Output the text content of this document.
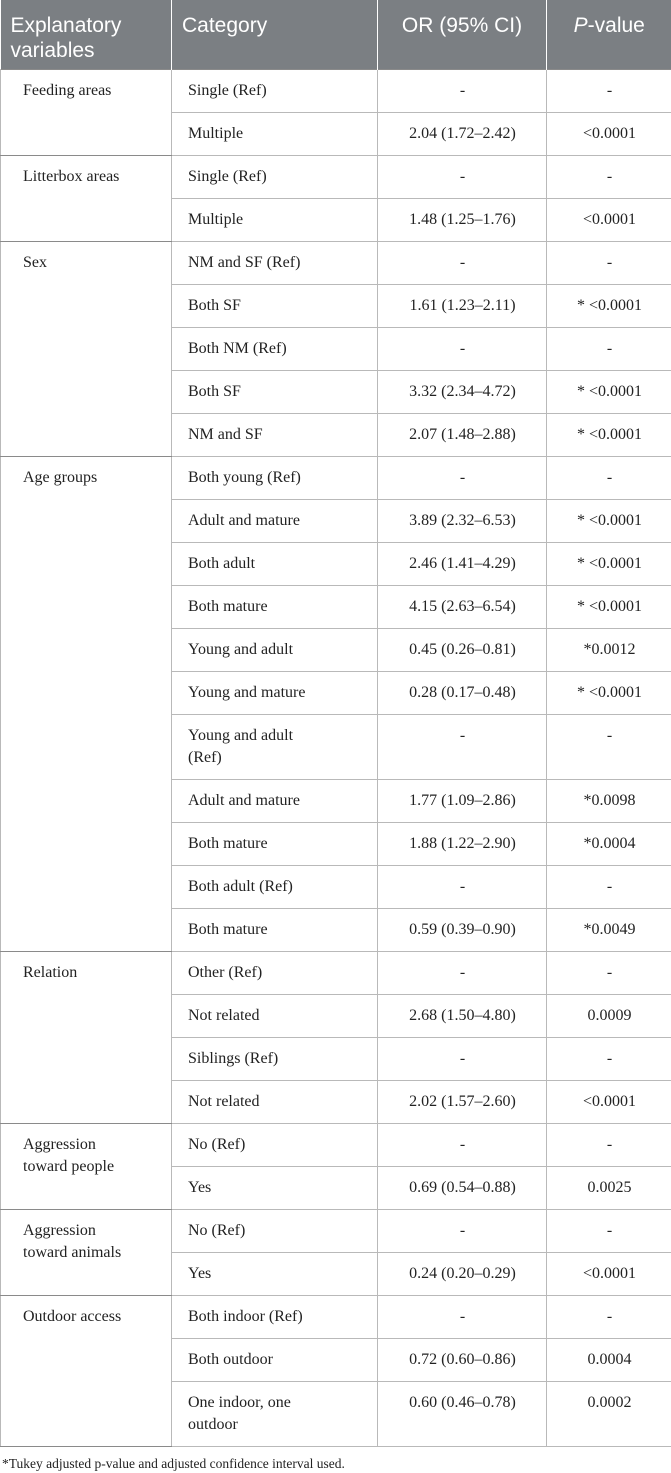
Explanatory
variables	Category	OR (95% CI)	P-value
Feeding areas	Single (Ref)	-	-
	Multiple	2.04 (1.72–2.42)	<0.0001
Litterbox areas	Single (Ref)	-	-
	Multiple	1.48 (1.25–1.76)	<0.0001
Sex	NM and SF (Ref)	-	-
	Both SF	1.61 (1.23–2.11)	* <0.0001
	Both NM (Ref)	-	-
	Both SF	3.32 (2.34–4.72)	* <0.0001
	NM and SF	2.07 (1.48–2.88)	* <0.0001
Age groups	Both young (Ref)	-	-
	Adult and mature	3.89 (2.32–6.53)	* <0.0001
	Both adult	2.46 (1.41–4.29)	* <0.0001
	Both mature	4.15 (2.63–6.54)	* <0.0001
	Young and adult	0.45 (0.26–0.81)	*0.0012
	Young and mature	0.28 (0.17–0.48)	* <0.0001
	Young and adult
(Ref)	-	-
	Adult and mature	1.77 (1.09–2.86)	*0.0098
	Both mature	1.88 (1.22–2.90)	*0.0004
	Both adult (Ref)	-	-
	Both mature	0.59 (0.39–0.90)	*0.0049
Relation	Other (Ref)	-	-
	Not related	2.68 (1.50–4.80)	0.0009
	Siblings (Ref)	-	-
	Not related	2.02 (1.57–2.60)	<0.0001
Aggression
toward people	No (Ref)	-	-
	Yes	0.69 (0.54–0.88)	0.0025
Aggression
toward animals	No (Ref)	-	-
	Yes	0.24 (0.20–0.29)	<0.0001
Outdoor access	Both indoor (Ref)	-	-
	Both outdoor	0.72 (0.60–0.86)	0.0004
	One indoor, one
outdoor	0.60 (0.46–0.78)	0.0002
*Tukey adjusted p-value and adjusted confidence interval used.
